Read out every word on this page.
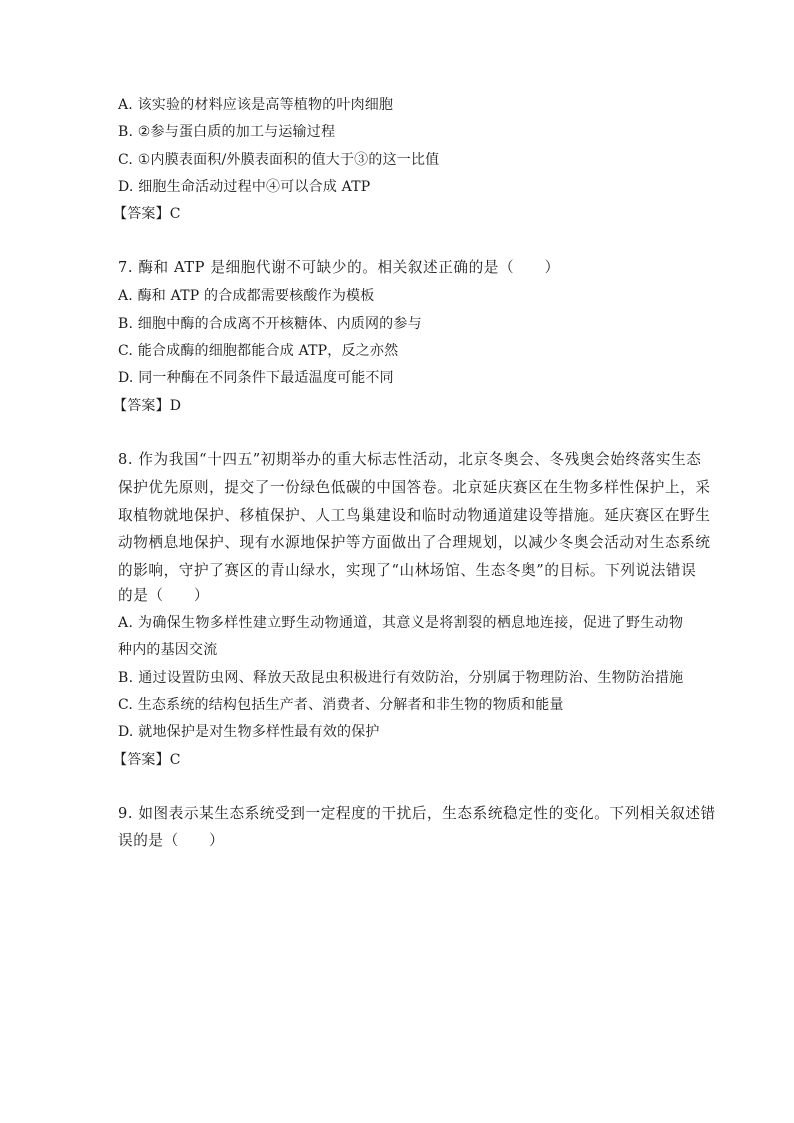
A. 该实验的材料应该是高等植物的叶肉细胞
B. ②参与蛋白质的加工与运输过程
C. ①内膜表面积/外膜表面积的值大于③的这一比值
D. 细胞生命活动过程中④可以合成 ATP
【答案】C
7. 酶和 ATP 是细胞代谢不可缺少的。相关叙述正确的是（　　）
A. 酶和 ATP 的合成都需要核酸作为模板
B. 细胞中酶的合成离不开核糖体、内质网的参与
C. 能合成酶的细胞都能合成 ATP，反之亦然
D. 同一种酶在不同条件下最适温度可能不同
【答案】D
8. 作为我国“十四五”初期举办的重大标志性活动，北京冬奥会、冬残奥会始终落实生态
保护优先原则，提交了一份绿色低碳的中国答卷。北京延庆赛区在生物多样性保护上，采
取植物就地保护、移植保护、人工鸟巢建设和临时动物通道建设等措施。延庆赛区在野生
动物栖息地保护、现有水源地保护等方面做出了合理规划，以减少冬奥会活动对生态系统
的影响，守护了赛区的青山绿水，实现了“山林场馆、生态冬奥”的目标。下列说法错误
的是（　　）
A. 为确保生物多样性建立野生动物通道，其意义是将割裂的栖息地连接，促进了野生动物
种内的基因交流
B. 通过设置防虫网、释放天敌昆虫积极进行有效防治，分别属于物理防治、生物防治措施
C. 生态系统的结构包括生产者、消费者、分解者和非生物的物质和能量
D. 就地保护是对生物多样性最有效的保护
【答案】C
9. 如图表示某生态系统受到一定程度的干扰后，生态系统稳定性的变化。下列相关叙述错
误的是（　　）
